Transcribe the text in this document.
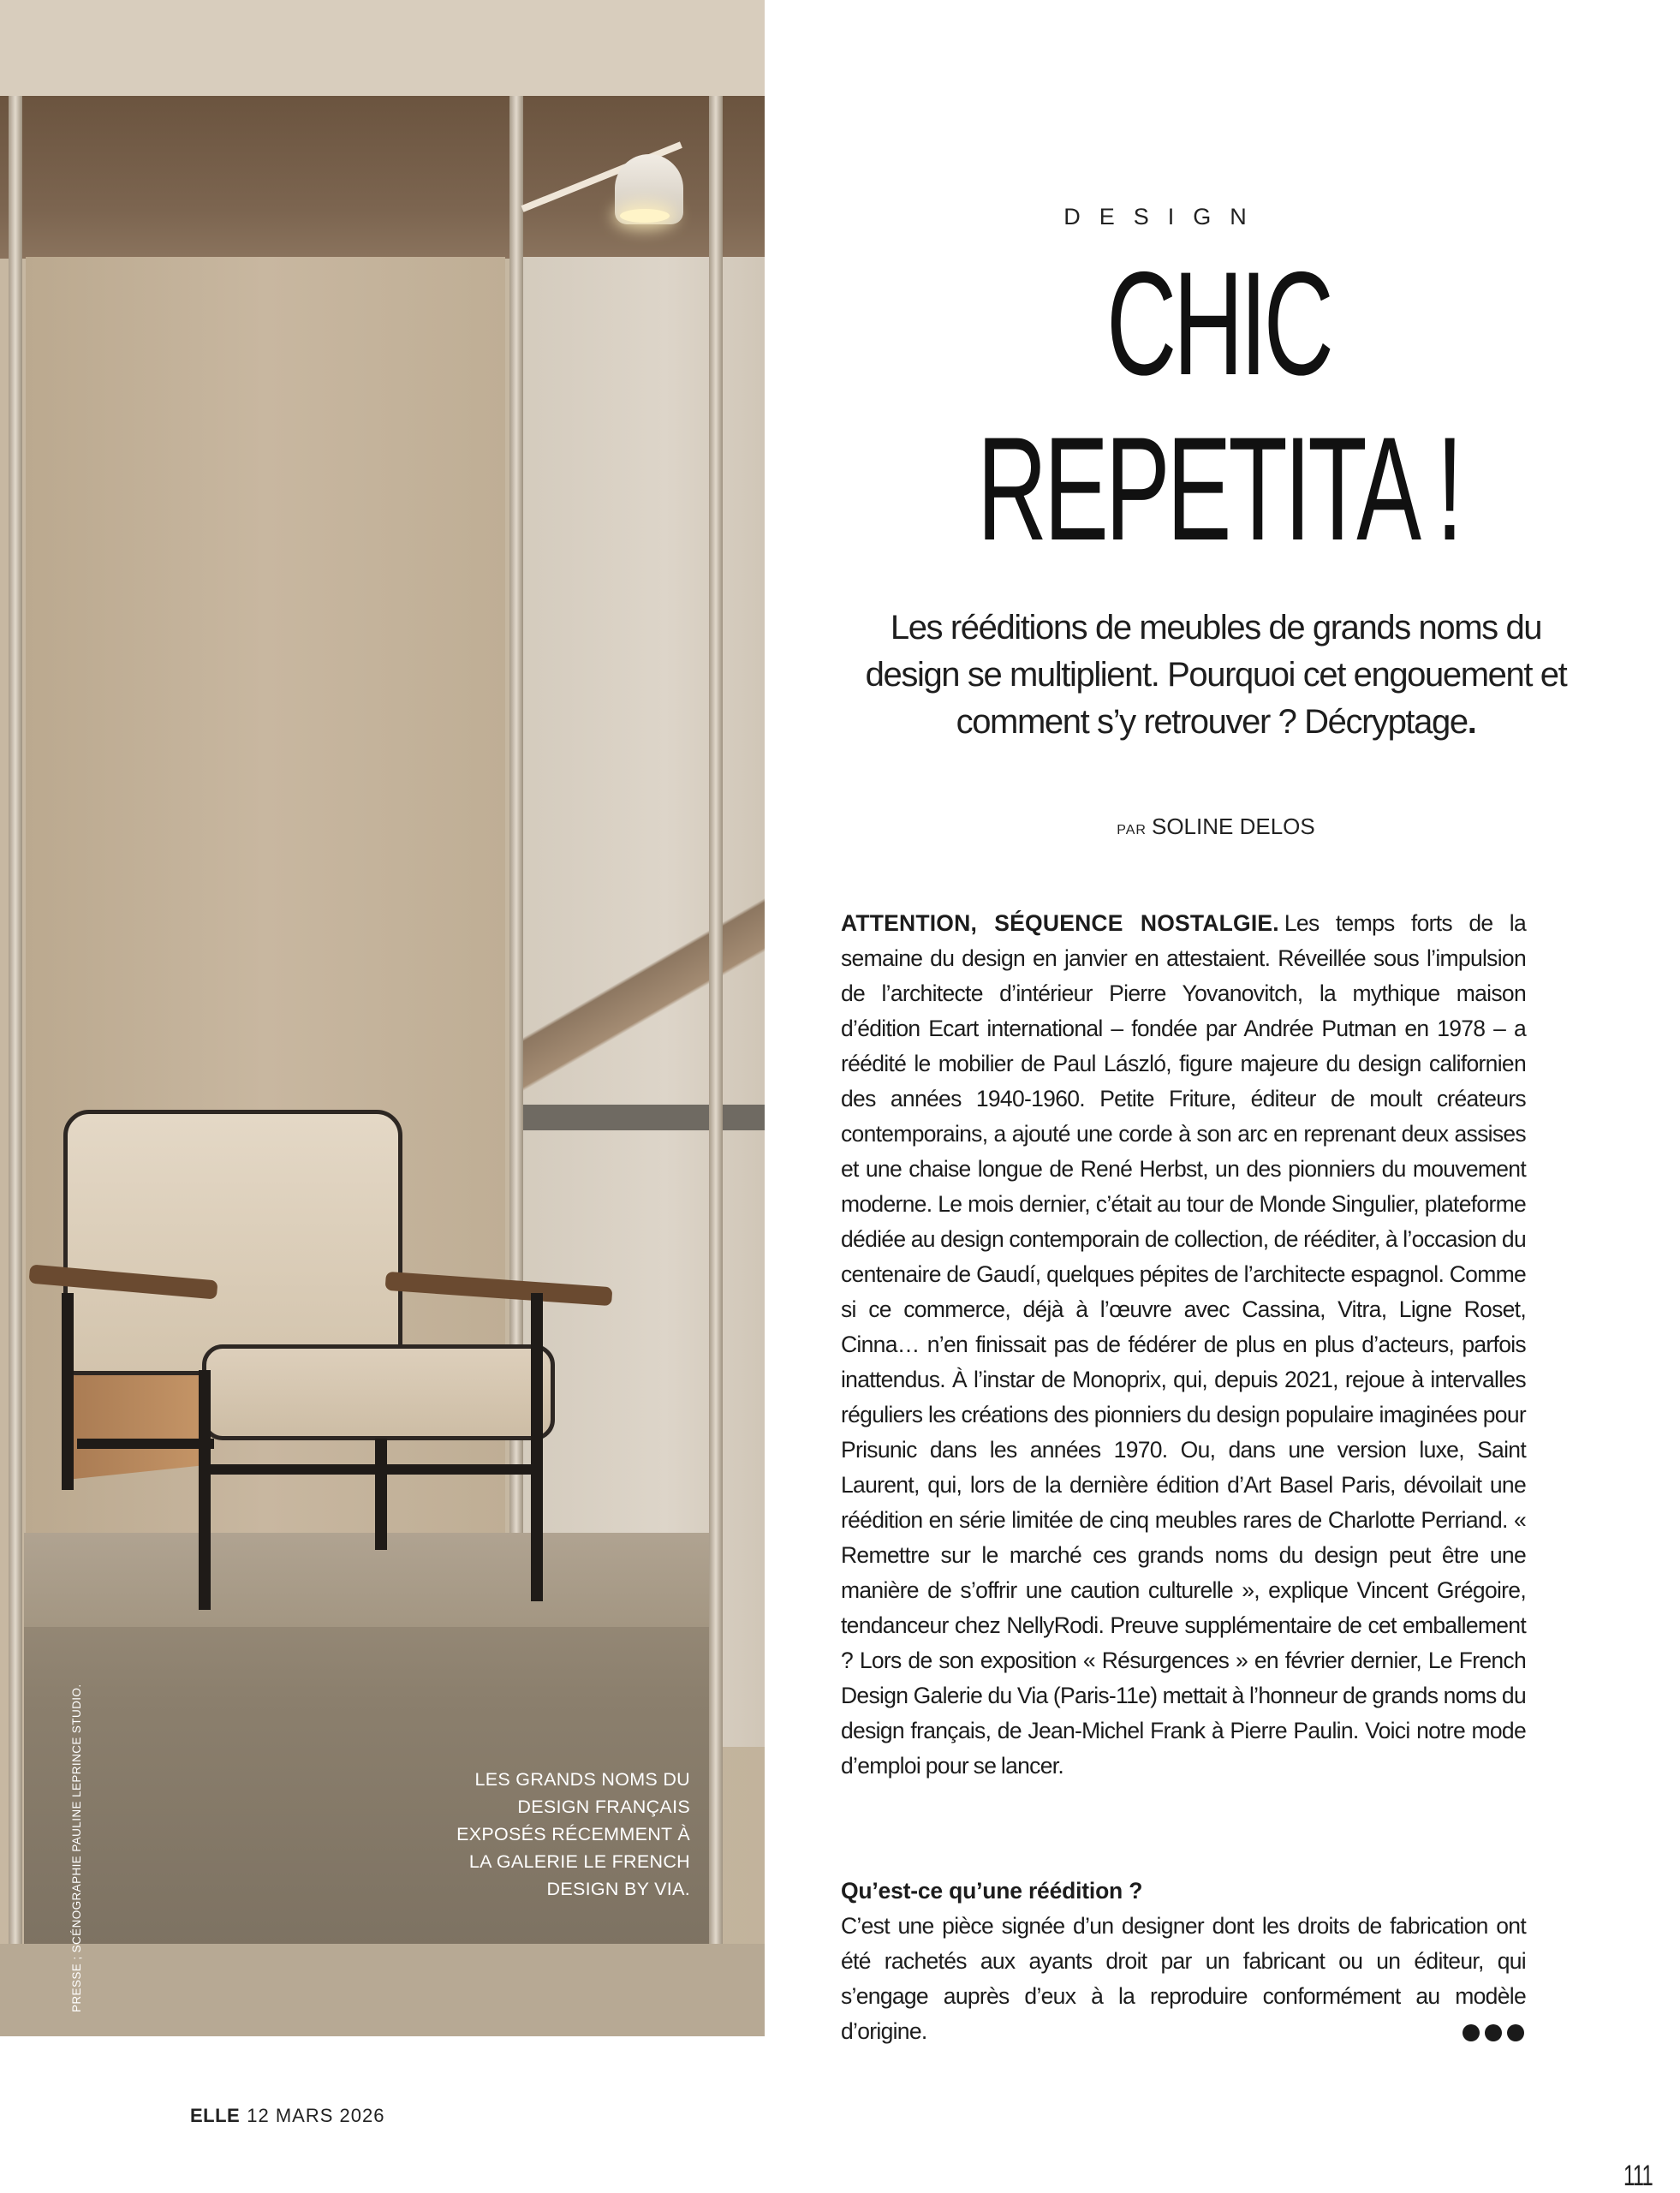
LES GRANDS NOMS DU DESIGN FRANÇAIS EXPOSÉS RÉCEMMENT À LA GALERIE LE FRENCH DESIGN BY VIA.
PRESSE ; SCÉNOGRAPHIE PAULINE LEPRINCE STUDIO.
DESIGN
CHIC
REPETITA !
Les rééditions de meubles de grands noms du design se multiplient. Pourquoi cet engouement et comment s’y retrouver ? Décryptage.
PAR SOLINE DELOS
ATTENTION, SÉQUENCE NOSTALGIE. Les temps forts de la semaine du design en janvier en attestaient. Réveillée sous l’impulsion de l’architecte d’intérieur Pierre Yovanovitch, la mythique maison d’édition Ecart international – fondée par Andrée Putman en 1978 – a réédité le mobilier de Paul László, figure majeure du design californien des années 1940-1960. Petite Friture, éditeur de moult créateurs contemporains, a ajouté une corde à son arc en reprenant deux assises et une chaise longue de René Herbst, un des pionniers du mouvement moderne. Le mois dernier, c’était au tour de Monde Singulier, plateforme dédiée au design contemporain de collection, de rééditer, à l’occasion du centenaire de Gaudí, quelques pépites de l’architecte espagnol. Comme si ce commerce, déjà à l’œuvre avec Cassina, Vitra, Ligne Roset, Cinna… n’en finissait pas de fédérer de plus en plus d’acteurs, parfois inattendus. À l’instar de Monoprix, qui, depuis 2021, rejoue à intervalles réguliers les créations des pionniers du design populaire imaginées pour Prisunic dans les années 1970. Ou, dans une version luxe, Saint Laurent, qui, lors de la dernière édition d’Art Basel Paris, dévoilait une réédition en série limitée de cinq meubles rares de Charlotte Perriand. « Remettre sur le marché ces grands noms du design peut être une manière de s’offrir une caution culturelle », explique Vincent Grégoire, tendanceur chez NellyRodi. Preuve supplémentaire de cet emballement ? Lors de son exposition « Résurgences » en février dernier, Le French Design Galerie du Via (Paris-11e) mettait à l’honneur de grands noms du design français, de Jean-Michel Frank à Pierre Paulin. Voici notre mode d’emploi pour se lancer.
Qu’est-ce qu’une réédition ?
C’est une pièce signée d’un designer dont les droits de fabrication ont été rachetés aux ayants droit par un fabricant ou un éditeur, qui s’engage auprès d’eux à la reproduire conformément au modèle d’origine.
ELLE 12 MARS 2026
111
